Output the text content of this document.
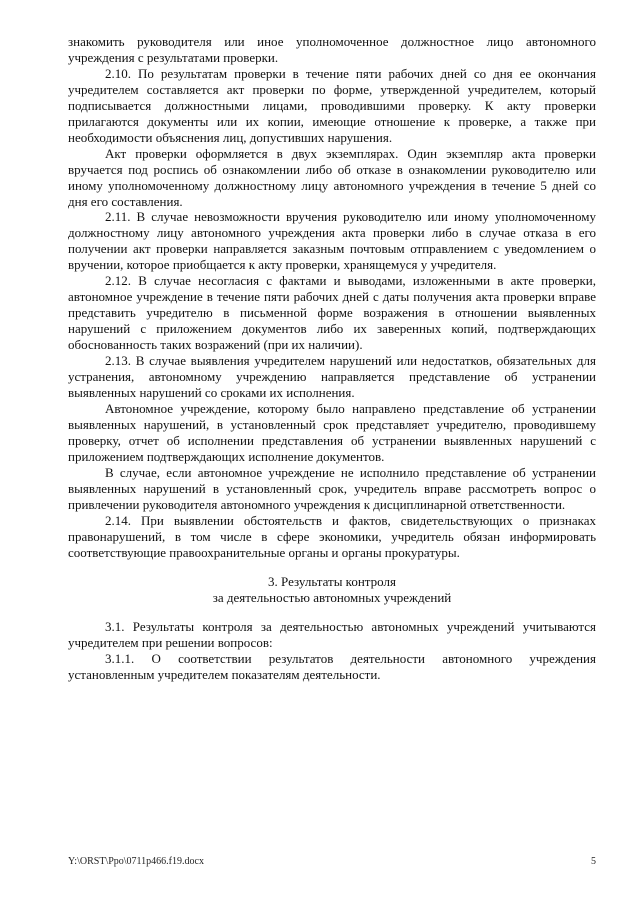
знакомить руководителя или иное уполномоченное должностное лицо автономного учреждения с результатами проверки.

2.10. По результатам проверки в течение пяти рабочих дней со дня ее окончания учредителем составляется акт проверки по форме, утвержденной учредителем, который подписывается должностными лицами, проводившими проверку. К акту проверки прилагаются документы или их копии, имеющие отношение к проверке, а также при необходимости объяснения лиц, допустивших нарушения.

Акт проверки оформляется в двух экземплярах. Один экземпляр акта проверки вручается под роспись об ознакомлении либо об отказе в ознакомлении руководителю или иному уполномоченному должностному лицу автономного учреждения в течение 5 дней со дня его составления.

2.11. В случае невозможности вручения руководителю или иному уполномоченному должностному лицу автономного учреждения акта проверки либо в случае отказа в его получении акт проверки направляется заказным почтовым отправлением с уведомлением о вручении, которое приобщается к акту проверки, хранящемуся у учредителя.

2.12. В случае несогласия с фактами и выводами, изложенными в акте проверки, автономное учреждение в течение пяти рабочих дней с даты получения акта проверки вправе представить учредителю в письменной форме возражения в отношении выявленных нарушений с приложением документов либо их заверенных копий, подтверждающих обоснованность таких возражений (при их наличии).

2.13. В случае выявления учредителем нарушений или недостатков, обязательных для устранения, автономному учреждению направляется представление об устранении выявленных нарушений со сроками их исполнения.

Автономное учреждение, которому было направлено представление об устранении выявленных нарушений, в установленный срок представляет учредителю, проводившему проверку, отчет об исполнении представления об устранении выявленных нарушений с приложением подтверждающих исполнение документов.

В случае, если автономное учреждение не исполнило представление об устранении выявленных нарушений в установленный срок, учредитель вправе рассмотреть вопрос о привлечении руководителя автономного учреждения к дисциплинарной ответственности.

2.14. При выявлении обстоятельств и фактов, свидетельствующих о признаках правонарушений, в том числе в сфере экономики, учредитель обязан информировать соответствующие правоохранительные органы и органы прокуратуры.

3. Результаты контроля
за деятельностью автономных учреждений

3.1. Результаты контроля за деятельностью автономных учреждений учитываются учредителем при решении вопросов:

3.1.1. О соответствии результатов деятельности автономного учреждения установленным учредителем показателям деятельности.

Y:\ORST\Ppo\0711p466.f19.docx	5
